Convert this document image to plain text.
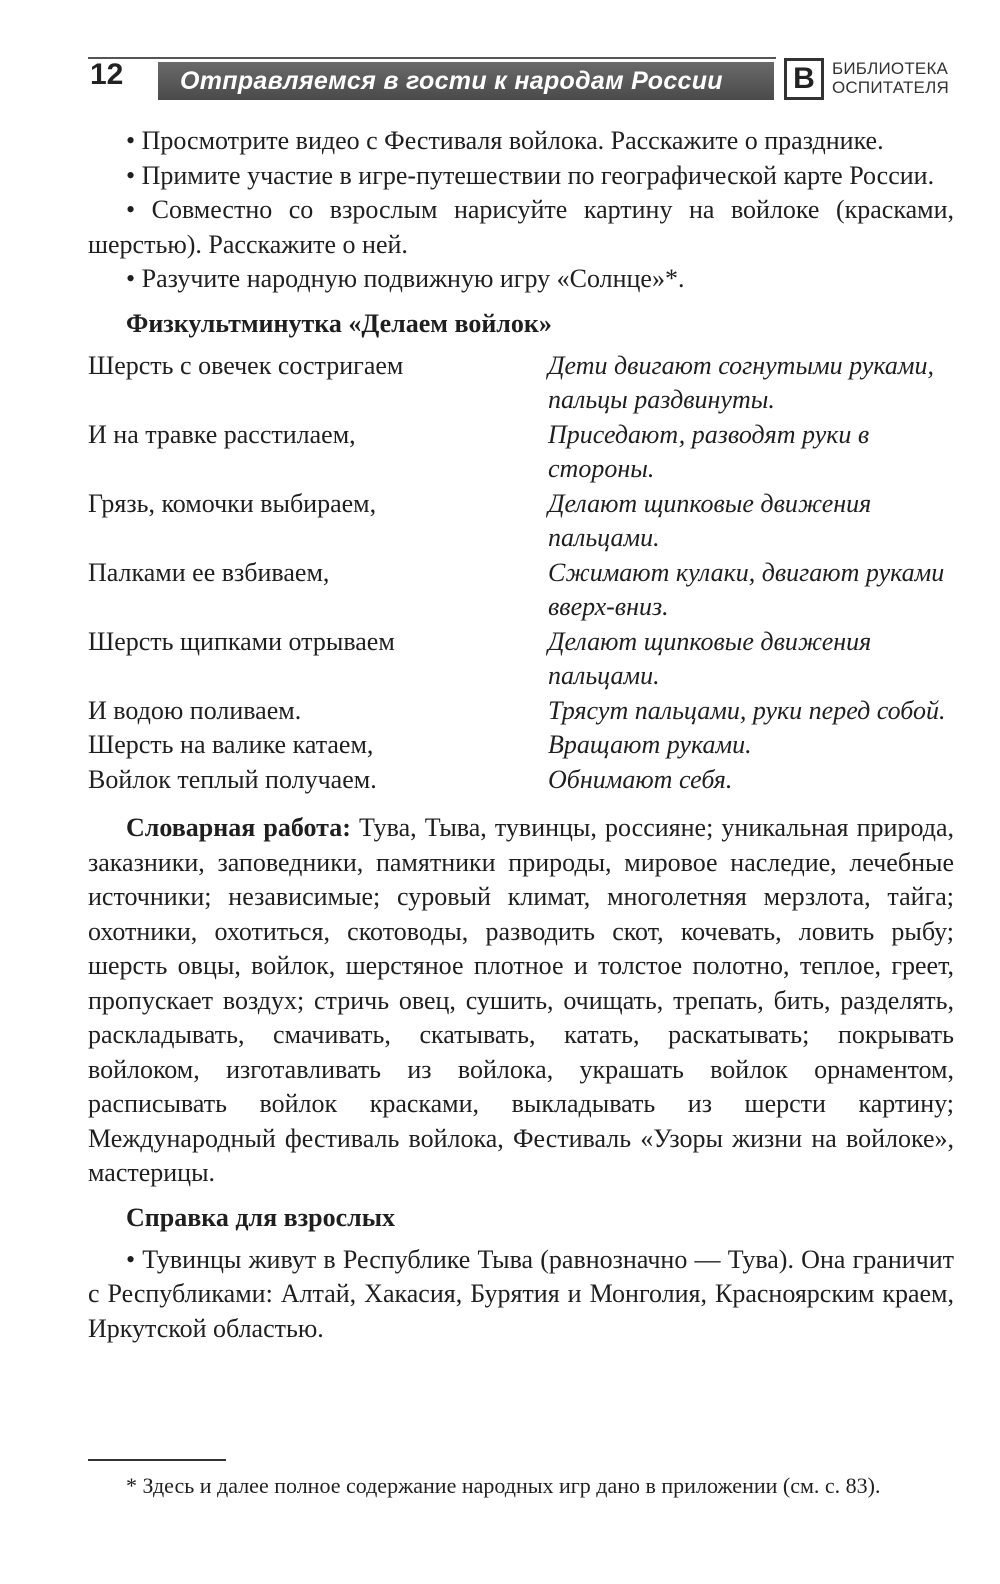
12	Отправляемся в гости к народам России	В	БИБЛИОТЕКА
ОСПИТАТЕЛЯ

• Просмотрите видео с Фестиваля войлока. Расскажите о празднике.

• Примите участие в игре-путешествии по географической карте России.

• Совместно со взрослым нарисуйте картину на войлоке (красками, шерстью). Расскажите о ней.

• Разучите народную подвижную игру «Солнце»*.

Физкультминутка «Делаем войлок»
Шерсть с овечек состригаем	Дети двигают согнутыми руками, пальцы раздвинуты.
И на травке расстилаем,	Приседают, разводят руки в стороны.
Грязь, комочки выбираем,	Делают щипковые движения пальцами.
Палками ее взбиваем,	Сжимают кулаки, двигают руками вверх-вниз.
Шерсть щипками отрываем	Делают щипковые движения пальцами.
И водою поливаем.	Трясут пальцами, руки перед собой.
Шерсть на валике катаем,	Вращают руками.
Войлок теплый получаем.	Обнимают себя.

Словарная работа: Тува, Тыва, тувинцы, россияне; уникальная природа, заказники, заповедники, памятники природы, мировое наследие, лечебные источники; независимые; суровый климат, многолетняя мерзлота, тайга; охотники, охотиться, скотоводы, разводить скот, кочевать, ловить рыбу; шерсть овцы, войлок, шерстяное плотное и толстое полотно, теплое, греет, пропускает воздух; стричь овец, сушить, очищать, трепать, бить, разделять, раскладывать, смачивать, скатывать, катать, раскатывать; покрывать войлоком, изготавливать из войлока, украшать войлок орнаментом, расписывать войлок красками, выкладывать из шерсти картину; Международный фестиваль войлока, Фестиваль «Узоры жизни на войлоке», мастерицы.

Справка для взрослых

• Тувинцы живут в Республике Тыва (равнозначно — Тува). Она граничит с Республиками: Алтай, Хакасия, Бурятия и Монголия, Красноярским краем, Иркутской областью.

* Здесь и далее полное содержание народных игр дано в приложении (см. с. 83).
